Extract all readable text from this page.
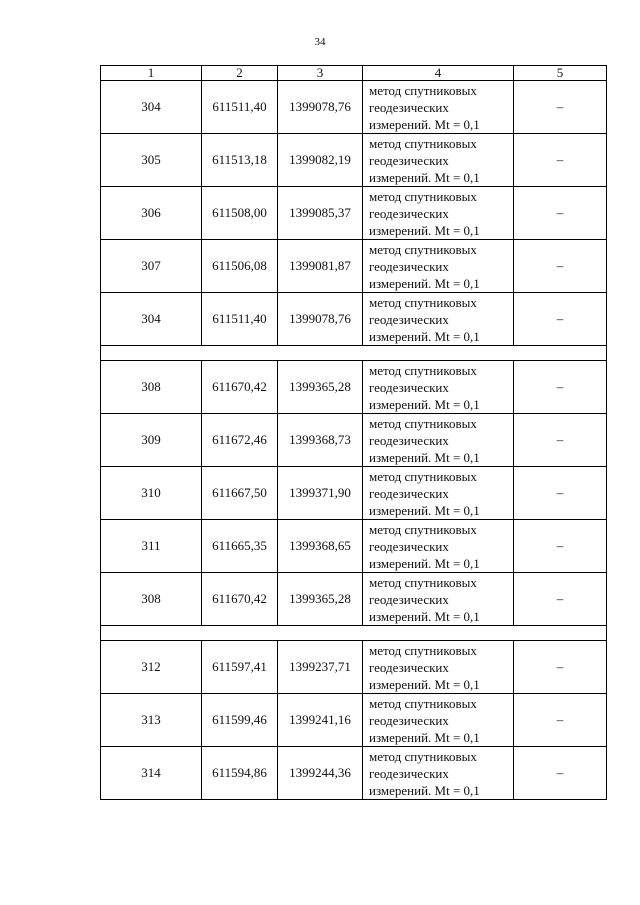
34
1	2	3	4	5
304	611511,40	1399078,76	метод спутниковых
геодезических
измерений. Mt = 0,1	–
305	611513,18	1399082,19	метод спутниковых
геодезических
измерений. Mt = 0,1	–
306	611508,00	1399085,37	метод спутниковых
геодезических
измерений. Mt = 0,1	–
307	611506,08	1399081,87	метод спутниковых
геодезических
измерений. Mt = 0,1	–
304	611511,40	1399078,76	метод спутниковых
геодезических
измерений. Mt = 0,1	–

308	611670,42	1399365,28	метод спутниковых
геодезических
измерений. Mt = 0,1	–
309	611672,46	1399368,73	метод спутниковых
геодезических
измерений. Mt = 0,1	–
310	611667,50	1399371,90	метод спутниковых
геодезических
измерений. Mt = 0,1	–
311	611665,35	1399368,65	метод спутниковых
геодезических
измерений. Mt = 0,1	–
308	611670,42	1399365,28	метод спутниковых
геодезических
измерений. Mt = 0,1	–

312	611597,41	1399237,71	метод спутниковых
геодезических
измерений. Mt = 0,1	–
313	611599,46	1399241,16	метод спутниковых
геодезических
измерений. Mt = 0,1	–
314	611594,86	1399244,36	метод спутниковых
геодезических
измерений. Mt = 0,1	–
